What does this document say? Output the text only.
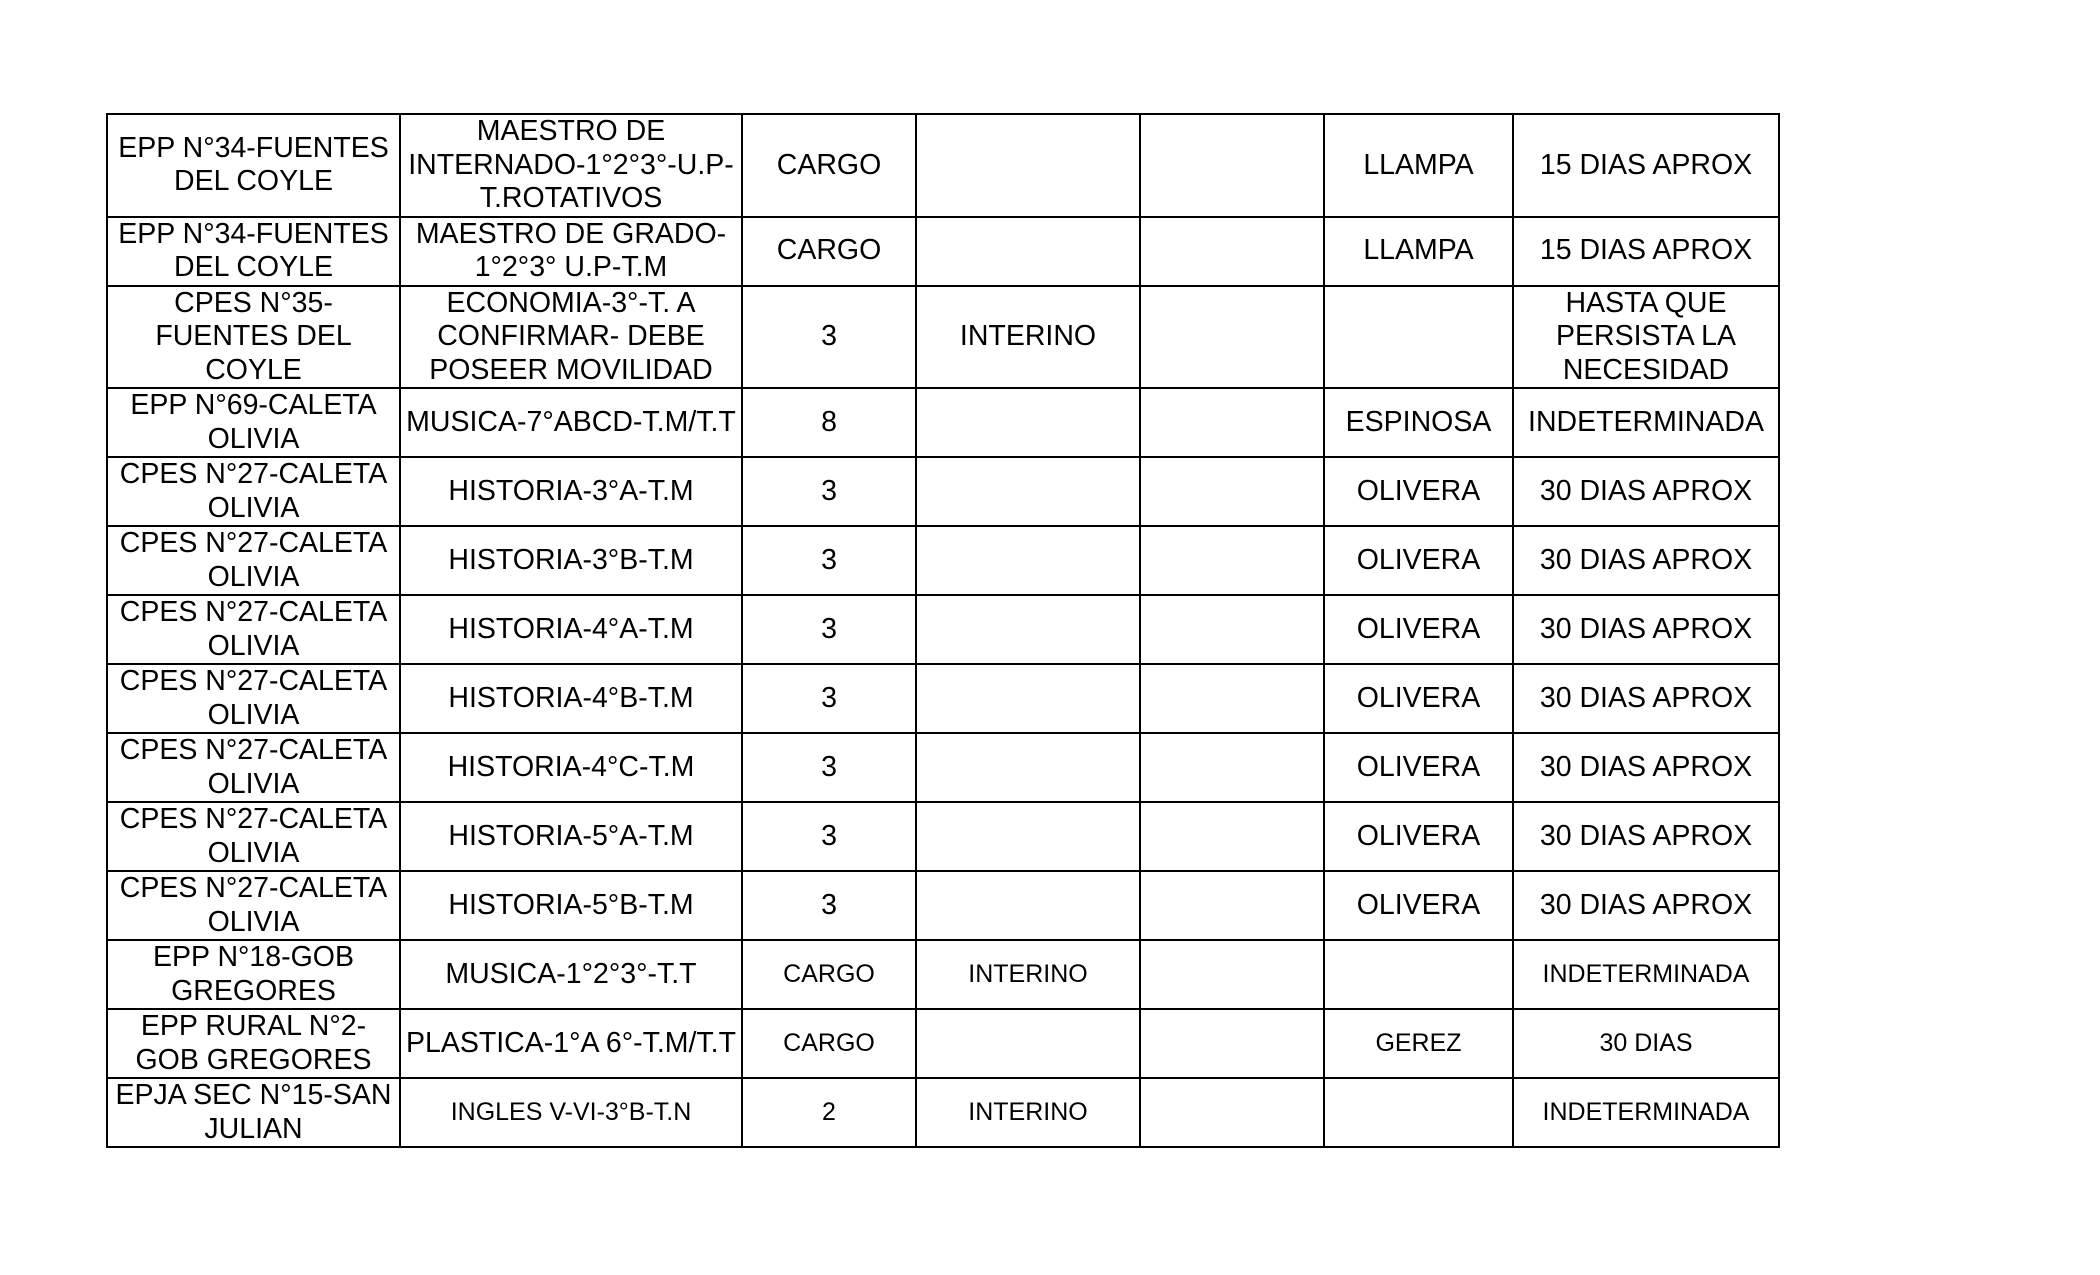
EPP N°34-FUENTES DEL COYLE	MAESTRO DE INTERNADO-1°2°3°-U.P-T.ROTATIVOS	CARGO			LLAMPA	15 DIAS APROX
EPP N°34-FUENTES DEL COYLE	MAESTRO DE GRADO-1°2°3° U.P-T.M	CARGO			LLAMPA	15 DIAS APROX
CPES N°35-FUENTES DEL COYLE	ECONOMIA-3°-T. A CONFIRMAR- DEBE POSEER MOVILIDAD	3	INTERINO			HASTA QUE PERSISTA LA NECESIDAD
EPP N°69-CALETA OLIVIA	MUSICA-7°ABCD-T.M/T.T	8			ESPINOSA	INDETERMINADA
CPES N°27-CALETA OLIVIA	HISTORIA-3°A-T.M	3			OLIVERA	30 DIAS APROX
CPES N°27-CALETA OLIVIA	HISTORIA-3°B-T.M	3			OLIVERA	30 DIAS APROX
CPES N°27-CALETA OLIVIA	HISTORIA-4°A-T.M	3			OLIVERA	30 DIAS APROX
CPES N°27-CALETA OLIVIA	HISTORIA-4°B-T.M	3			OLIVERA	30 DIAS APROX
CPES N°27-CALETA OLIVIA	HISTORIA-4°C-T.M	3			OLIVERA	30 DIAS APROX
CPES N°27-CALETA OLIVIA	HISTORIA-5°A-T.M	3			OLIVERA	30 DIAS APROX
CPES N°27-CALETA OLIVIA	HISTORIA-5°B-T.M	3			OLIVERA	30 DIAS APROX
EPP N°18-GOB GREGORES	MUSICA-1°2°3°-T.T	CARGO	INTERINO			INDETERMINADA
EPP RURAL N°2-GOB GREGORES	PLASTICA-1°A 6°-T.M/T.T	CARGO			GEREZ	30 DIAS
EPJA SEC N°15-SAN JULIAN	INGLES V-VI-3°B-T.N	2	INTERINO			INDETERMINADA
